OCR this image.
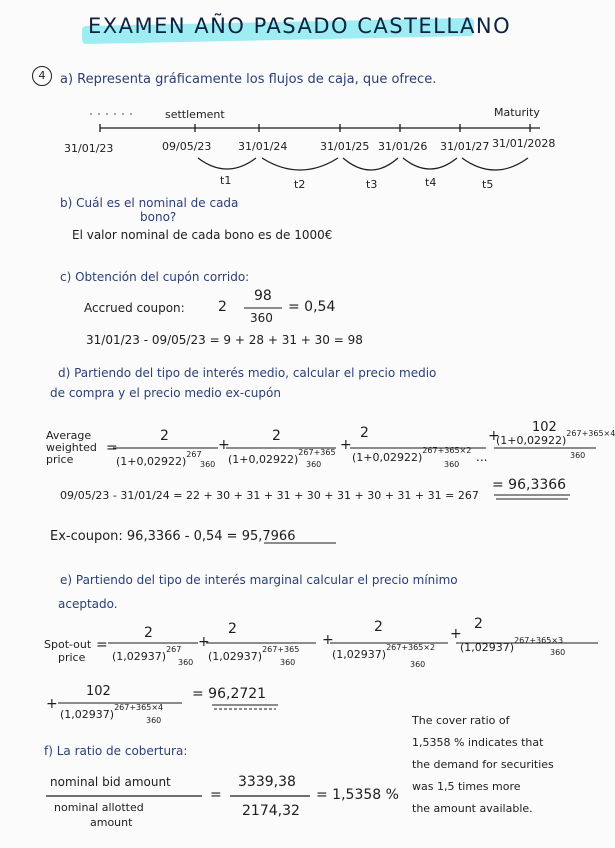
EXAMEN AÑO PASADO CASTELLANO
4	a) Representa gráficamente los flujos de caja, que ofrece.
settlement	Maturity
31/01/23	09/05/23 31/01/24	31/01/25 31/01/26 31/01/27 31/01/2028
t1	t2	t3	t4	t5
b) Cuál es el nominal de cada
bono?
El valor nominal de cada bono es de 1000€
c) Obtención del cupón corrido:
Accrued coupon: 2
98
360
= 0,54
31/01/23 - 09/05/23 = 9 + 28 + 31 + 30 = 98
d) Partiendo del tipo de interés medio, calcular el precio medio
de compra y el precio medio ex-cupón
Average
weighted
price
=
2
$(1+0,02922)^{267}$
360
+
2
$(1+0,02922)^{267+365}$
360
+
2
$(1+0,02922)^{267+365\times 2}$
360
...
+
102
$(1+0,02922)^{267+365\times 4}$
360
= 96,3366
09/05/23 - 31/01/24 = 22 + 30 + 31 + 31 + 30 + 31 + 30 + 31 + 31 = 267
Ex-coupon: 96,3366 - 0,54 = 95,7966
e) Partiendo del tipo de interés marginal calcular el precio mínimo
aceptado.
Spot-out
price
=
2
$(1,02937)^{267}$
360
+
2
$(1,02937)^{267+365}$
360
+
2
$(1,02937)^{267+365\times 2}$
360
+
2
$(1,02937)^{267+365\times 3}$
360
+
102
$(1,02937)^{267+365\times 4}$
360
= 96,2721
f) La ratio de cobertura:
nominal bid amount
nominal allotted
amount
=
3339,38
2174,32
= 1,5358 %
The cover ratio of
1,5358 % indicates that
the demand for securities
was 1,5 times more
the amount available.
